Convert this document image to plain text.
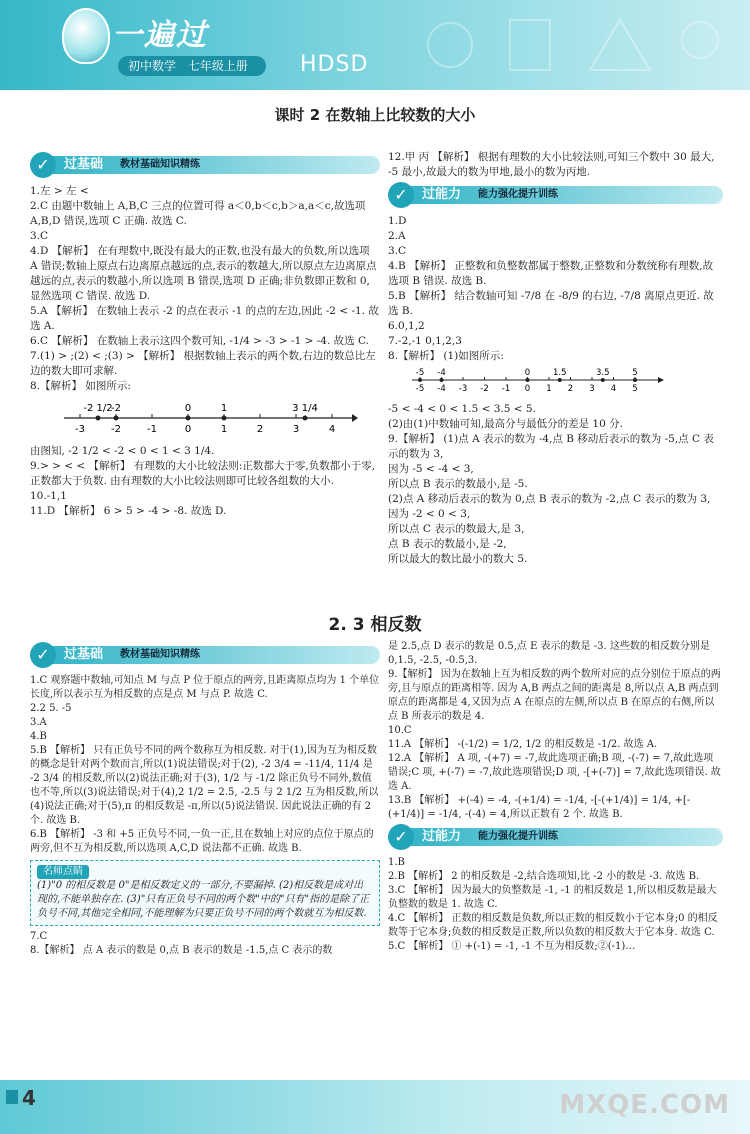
一遍过
初中数学 七年级上册	HDSD
课时 2 在数轴上比较数的大小
✓	过基础 教材基础知识精练

1.左 > 左 <

2.C 由题中数轴上 A,B,C 三点的位置可得 a＜0,b＜c,b＞a,a＜c,故选项 A,B,D 错误,选项 C 正确. 故选 C.

3.C

4.D 【解析】 在有理数中,既没有最大的正数,也没有最大的负数,所以选项 A 错误;数轴上原点右边离原点越远的点,表示的数越大,所以原点左边离原点越远的点,表示的数越小,所以选项 B 错误,选项 D 正确;非负数即正数和 0,显然选项 C 错误. 故选 D.

5.A 【解析】 在数轴上表示 -2 的点在表示 -1 的点的左边,因此 -2 < -1. 故选 A.

6.C 【解析】 在数轴上表示这四个数可知, -1/4 > -3 > -1 > -4. 故选 C.

7.(1) > ;(2) < ;(3) > 【解析】 根据数轴上表示的两个数,右边的数总比左边的数大即可求解.

8.【解析】 如图所示:

-3	-2	-1	0	1	2	3	4
-2 1/2
-2	0	1	3 1/4

由图知, -2 1/2 < -2 < 0 < 1 < 3 1/4.

9.> > < < 【解析】 有理数的大小比较法则:正数都大于零,负数都小于零,正数都大于负数. 由有理数的大小比较法则即可比较各组数的大小.

10.-1,1

11.D 【解析】 6 > 5 > -4 > -8. 故选 D.

12.甲 丙 【解析】 根据有理数的大小比较法则,可知三个数中 30 最大, -5 最小,故最大的数为甲地,最小的数为丙地.

✓	过能力 能力强化提升训练

1.D

2.A

3.C

4.B 【解析】 正整数和负整数都属于整数,正整数和分数统称有理数,故选项 B 错误. 故选 B.

5.B 【解析】 结合数轴可知 -7/8 在 -8/9 的右边, -7/8 离原点更近. 故选 B.

6.0,1,2

7.-2,-1 0,1,2,3

8.【解析】 (1)如图所示:

-5 -4 -3 -2 -1 0 1 2 3 4 5
-5 -4	0	1.5	3.5	5

-5 < -4 < 0 < 1.5 < 3.5 < 5.

(2)由(1)中数轴可知,最高分与最低分的差是 10 分.

9.【解析】 (1)点 A 表示的数为 -4,点 B 移动后表示的数为 -5,点 C 表示的数为 3,

因为 -5 < -4 < 3,

所以点 B 表示的数最小,是 -5.

(2)点 A 移动后表示的数为 0,点 B 表示的数为 -2,点 C 表示的数为 3,

因为 -2 < 0 < 3,

所以点 C 表示的数最大,是 3,

点 B 表示的数最小,是 -2,

所以最大的数比最小的数大 5.

2. 3 相反数
✓	过基础 教材基础知识精练

1.C 观察题中数轴,可知点 M 与点 P 位于原点的两旁,且距离原点均为 1 个单位长度,所以表示互为相反数的点是点 M 与点 P. 故选 C.

2.2 5. -5

3.A

4.B

5.B 【解析】 只有正负号不同的两个数称互为相反数. 对于(1),因为互为相反数的概念是针对两个数而言,所以(1)说法错误;对于(2), -2 3/4 = -11/4, 11/4 是 -2 3/4 的相反数,所以(2)说法正确;对于(3), 1/2 与 -1/2 除正负号不同外,数值也不等,所以(3)说法错误;对于(4),2 1/2 = 2.5, -2.5 与 2 1/2 互为相反数,所以(4)说法正确;对于(5),π 的相反数是 -π,所以(5)说法错误. 因此说法正确的有 2 个. 故选 B.

6.B 【解析】 -3 和 +5 正负号不同,一负一正,且在数轴上对应的点位于原点的两旁,但不互为相反数,所以选项 A,C,D 说法都不正确. 故选 B.

名师点睛

(1)"0 的相反数是 0"是相反数定义的一部分,不要漏掉. (2)相反数是成对出现的,不能单独存在. (3)"只有正负号不同的两个数"中的"只有"指的是除了正负号不同,其他完全相同,不能理解为只要正负号不同的两个数就互为相反数.

7.C

8.【解析】 点 A 表示的数是 0,点 B 表示的数是 -1.5,点 C 表示的数

是 2.5,点 D 表示的数是 0.5,点 E 表示的数是 -3. 这些数的相反数分别是 0,1.5, -2.5, -0.5,3.

9.【解析】 因为在数轴上互为相反数的两个数所对应的点分别位于原点的两旁,且与原点的距离相等. 因为 A,B 两点之间的距离是 8,所以点 A,B 两点到原点的距离都是 4,又因为点 A 在原点的左侧,所以点 B 在原点的右侧,所以点 B 所表示的数是 4.

10.C

11.A 【解析】 -(-1/2) = 1/2, 1/2 的相反数是 -1/2. 故选 A.

12.A 【解析】 A 项, -(+7) = -7,故此选项正确;B 项, -(-7) = 7,故此选项错误;C 项, +(-7) = -7,故此选项错误;D 项, -[+(-7)] = 7,故此选项错误. 故选 A.

13.B 【解析】 +(-4) = -4, -(+1/4) = -1/4, -[-(+1/4)] = 1/4, +[-(+1/4)] = -1/4, -(-4) = 4,所以正数有 2 个. 故选 B.

✓	过能力 能力强化提升训练

1.B

2.B 【解析】 2 的相反数是 -2,结合选项知,比 -2 小的数是 -3. 故选 B.

3.C 【解析】 因为最大的负整数是 -1, -1 的相反数是 1,所以相反数是最大负整数的数是 1. 故选 C.

4.C 【解析】 正数的相反数是负数,所以正数的相反数小于它本身;0 的相反数等于它本身;负数的相反数是正数,所以负数的相反数大于它本身. 故选 C.

5.C 【解析】 ① +(-1) = -1, -1 不互为相反数;②(-1)…

4	MXQE.COM
